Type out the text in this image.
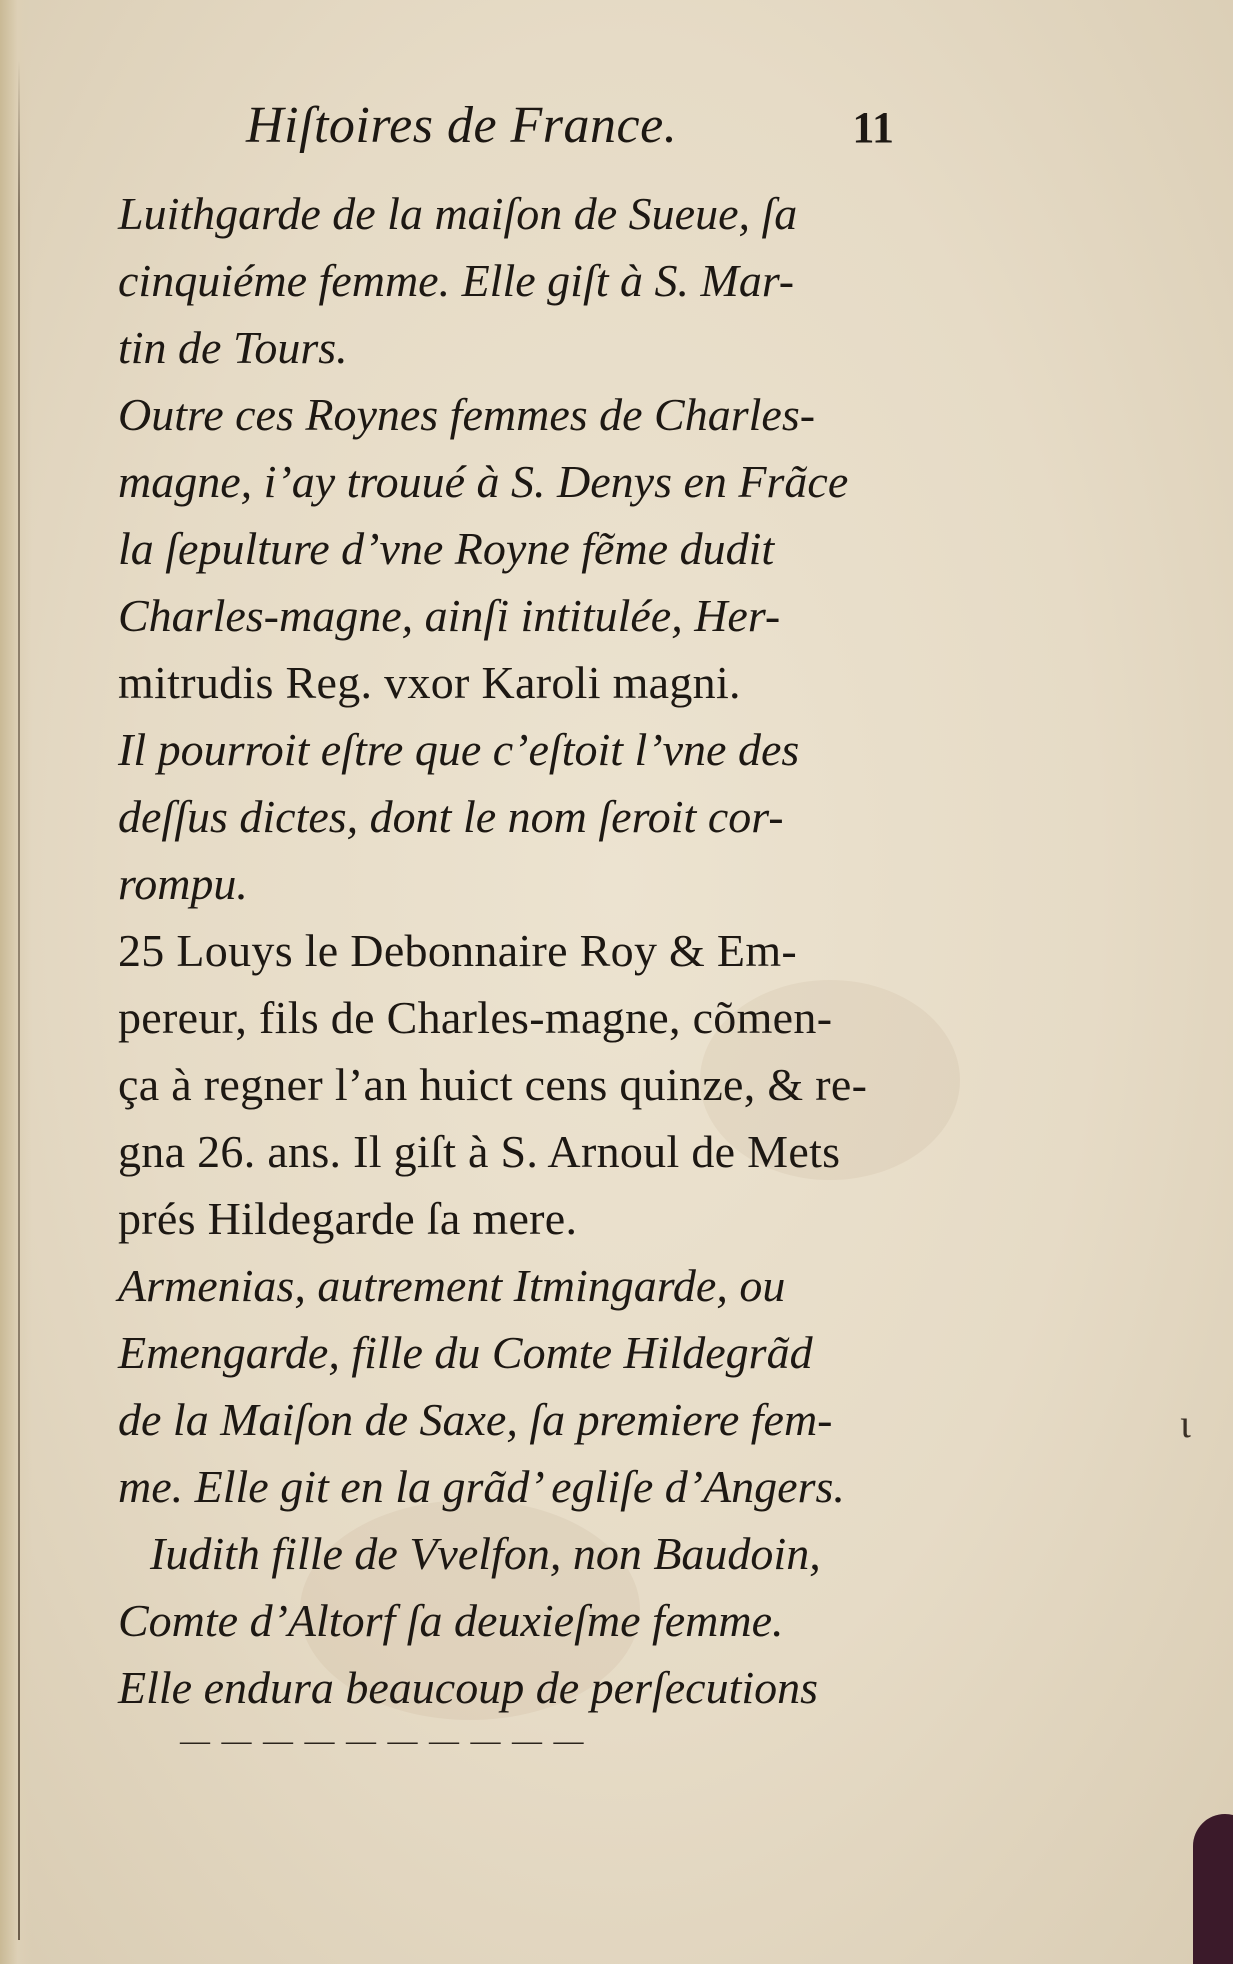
Hiſtoires de France.	11
Luithgarde de la maiſon de Sueue, ſa
cinquiéme femme. Elle giſt à S. Mar-
tin de Tours.
Outre ces Roynes femmes de Charles-
magne, i’ay trouué à S. Denys en Frãce
la ſepulture d’vne Royne fẽme dudit
Charles-magne, ainſi intitulée, Her-
mitrudis Reg. vxor Karoli magni.
Il pourroit eſtre que c’eſtoit l’vne des
deſſus dictes, dont le nom ſeroit cor-
rompu.
25 Louys le Debonnaire Roy & Em-
pereur, fils de Charles-magne, cõmen-
ça à regner l’an huict cens quinze, & re-
gna 26. ans. Il giſt à S. Arnoul de Mets
prés Hildegarde ſa mere.
Armenias, autrement Itmingarde, ou
Emengarde, fille du Comte Hildegrãd
de la Maiſon de Saxe, ſa premiere fem-
me. Elle git en la grãd’ egliſe d’Angers.
Iudith fille de Vvelfon, non Baudoin,
Comte d’Altorf ſa deuxieſme femme.
Elle endura beaucoup de perſecutions
— — — — — — — — — —
ι
